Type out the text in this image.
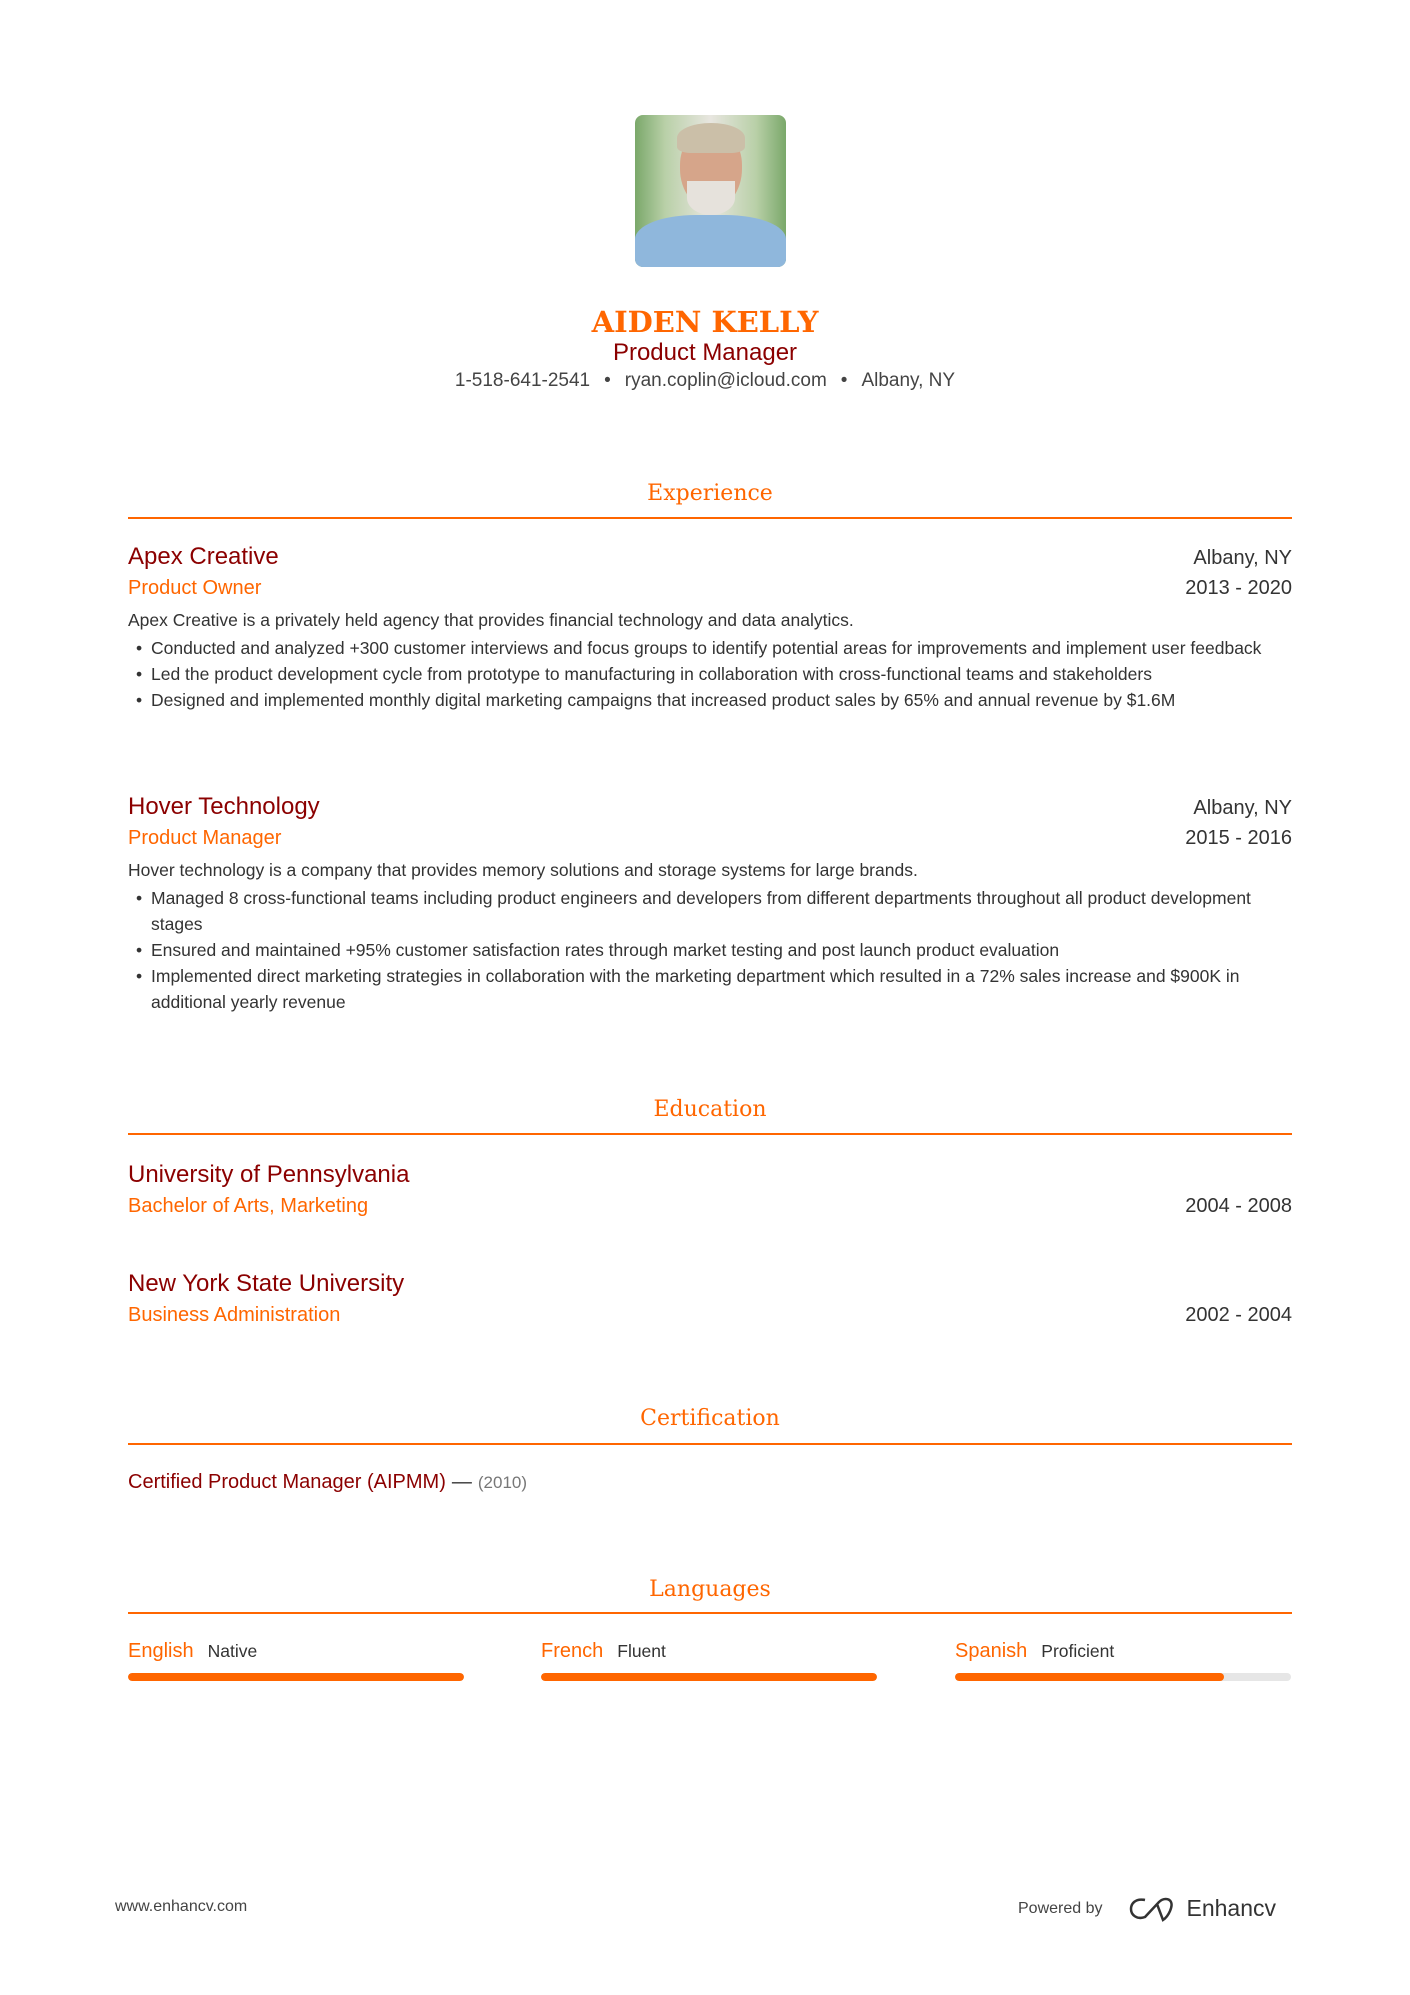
AIDEN KELLY
Product Manager
1-518-641-2541 • ryan.coplin@icloud.com • Albany, NY
Experience
Apex Creative	Albany, NY
Product Owner	2013 - 2020
Apex Creative is a privately held agency that provides financial technology and data analytics.
• Conducted and analyzed +300 customer interviews and focus groups to identify potential areas for improvements and implement user feedback
• Led the product development cycle from prototype to manufacturing in collaboration with cross-functional teams and stakeholders
• Designed and implemented monthly digital marketing campaigns that increased product sales by 65% and annual revenue by $1.6M
Hover Technology	Albany, NY
Product Manager	2015 - 2016
Hover technology is a company that provides memory solutions and storage systems for large brands.
• Managed 8 cross-functional teams including product engineers and developers from different departments throughout all product development stages
• Ensured and maintained +95% customer satisfaction rates through market testing and post launch product evaluation
• Implemented direct marketing strategies in collaboration with the marketing department which resulted in a 72% sales increase and $900K in additional yearly revenue
Education
University of Pennsylvania
Bachelor of Arts, Marketing	2004 - 2008
New York State University
Business Administration	2002 - 2004
Certification
Certified Product Manager (AIPMM) — (2010)
Languages
English Native	French Fluent	Spanish Proficient
www.enhancv.com	Powered by	Enhancv
